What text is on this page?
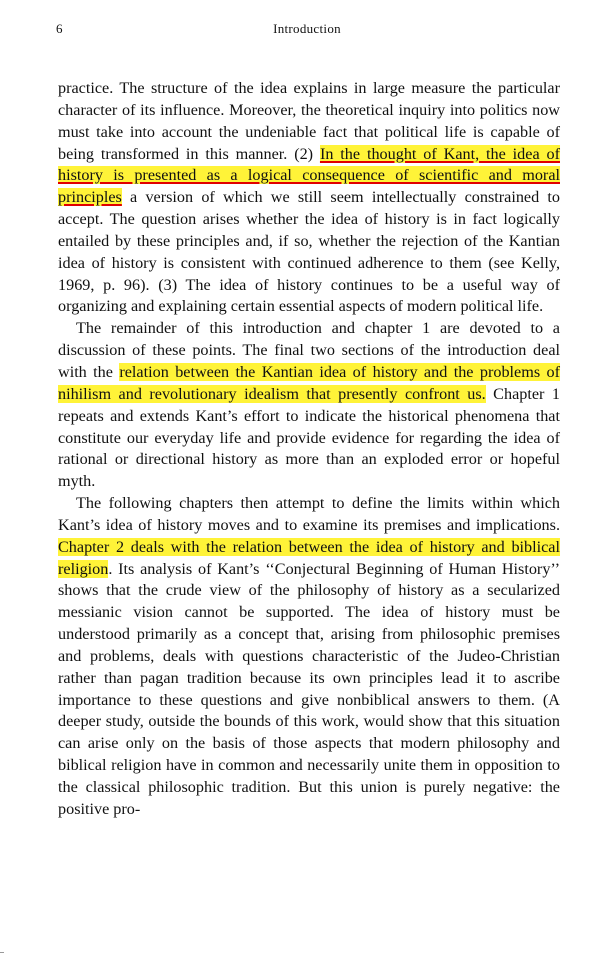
6	Introduction

practice. The structure of the idea explains in large measure the particular character of its influence. Moreover, the theoretical inquiry into politics now must take into account the undeniable fact that political life is capable of being transformed in this manner. (2) In the thought of Kant, the idea of history is presented as a logical consequence of scientific and moral principles a version of which we still seem intellectually constrained to accept. The question arises whether the idea of history is in fact logically entailed by these principles and, if so, whether the rejection of the Kantian idea of history is consistent with continued adherence to them (see Kelly, 1969, p. 96). (3) The idea of history continues to be a useful way of organizing and explaining certain essential aspects of modern political life.

The remainder of this introduction and chapter 1 are devoted to a discussion of these points. The final two sections of the introduction deal with the relation between the Kantian idea of history and the problems of nihilism and revolutionary idealism that presently confront us. Chapter 1 repeats and extends Kant’s effort to indicate the historical phenomena that constitute our everyday life and provide evidence for regarding the idea of rational or directional history as more than an exploded error or hopeful myth.

The following chapters then attempt to define the limits within which Kant’s idea of history moves and to examine its premises and implications. Chapter 2 deals with the relation between the idea of history and biblical religion. Its analysis of Kant’s ‘‘Conjectural Beginning of Human History’’ shows that the crude view of the philosophy of history as a secularized messianic vision cannot be supported. The idea of history must be understood primarily as a concept that, arising from philosophic premises and problems, deals with questions characteristic of the Judeo-Christian rather than pagan tradition because its own principles lead it to ascribe importance to these questions and give nonbiblical answers to them. (A deeper study, outside the bounds of this work, would show that this situation can arise only on the basis of those aspects that modern philosophy and biblical religion have in common and necessarily unite them in opposition to the classical philosophic tradition. But this union is purely negative: the positive pro-
